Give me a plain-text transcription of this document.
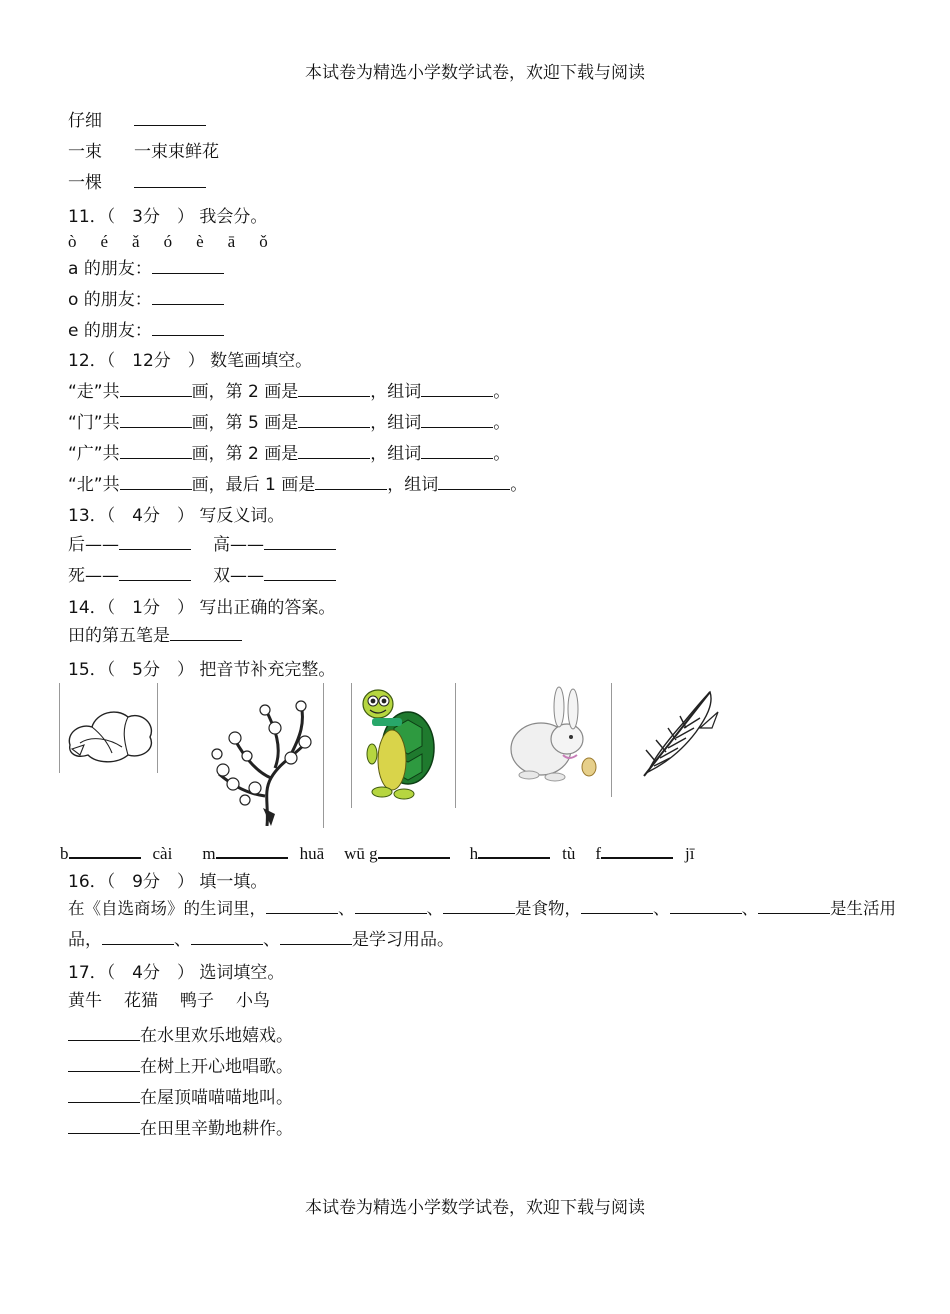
本试卷为精选小学数学试卷，欢迎下载与阅读
仔细
一束 一束束鲜花
一棵
11．（　3分　） 我会分。
ò é ǎ ó è ā ǒ
a 的朋友：
o 的朋友：
e 的朋友：
12．（　12分　） 数笔画填空。
“走”共	画，第 2 画是	，组词	。
“门”共	画，第 5 画是	，组词	。
“广”共	画，第 2 画是	，组词	。
“北”共	画，最后 1 画是	，组词	。
13．（　4分　） 写反义词。
后——	高——
死——	双——
14．（　1分　） 写出正确的答案。
田的第五笔是
15．（　5分　） 把音节补充完整。
b	cài m	huā wū g	h	tù f	jī
16．（　9分　） 填一填。
在《自选商场》的生词里，	、	、	是食物，	、	、	是生活用
品，	、	、	是学习用品。
17．（　4分　） 选词填空。
黄牛 花猫 鸭子 小鸟
在水里欢乐地嬉戏。
在树上开心地唱歌。
在屋顶喵喵喵地叫。
在田里辛勤地耕作。
本试卷为精选小学数学试卷，欢迎下载与阅读
